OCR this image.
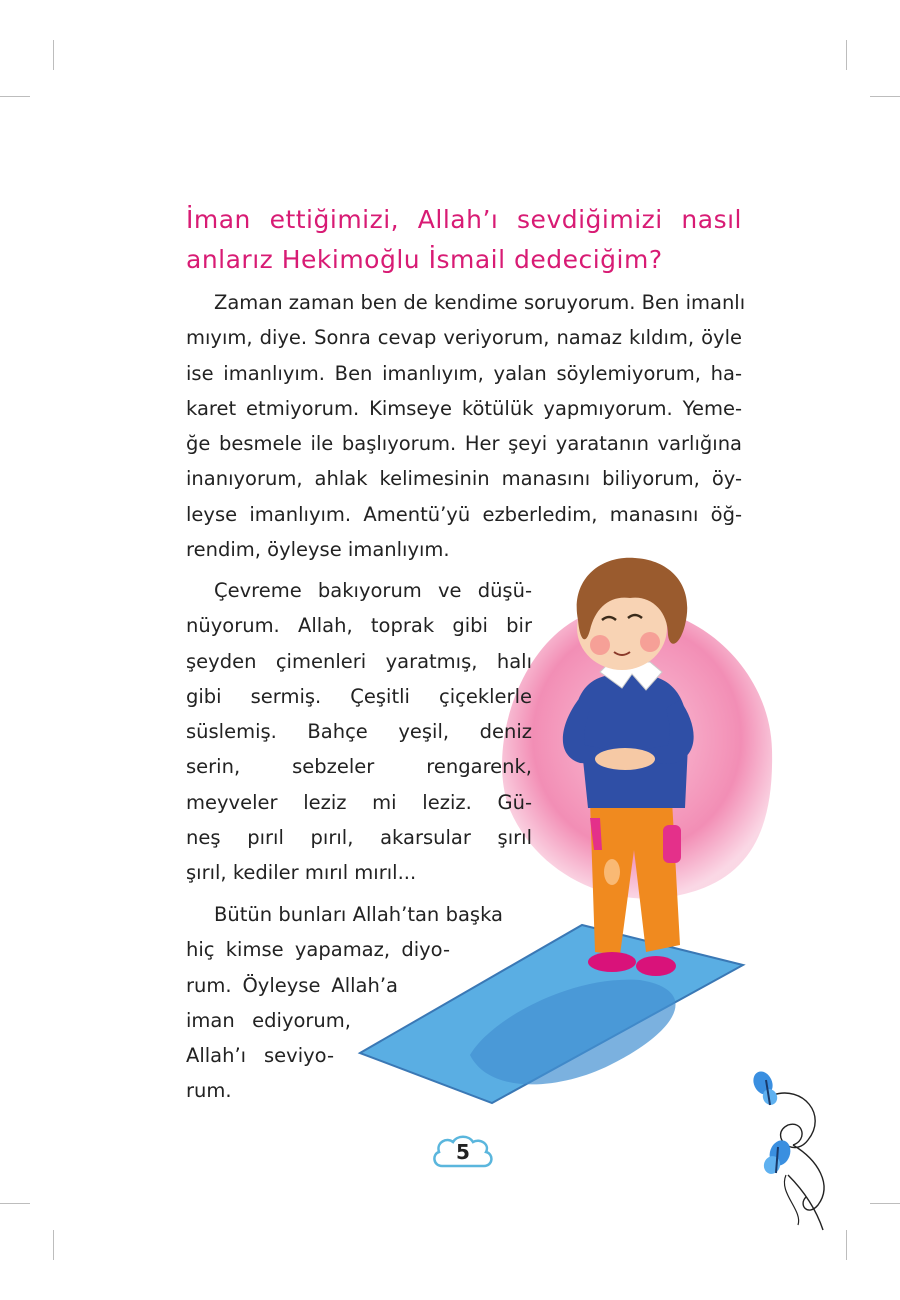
İman ettiğimizi, Allah’ı sevdiğimizi nasıl
anlarız Hekimoğlu İsmail dedeciğim?
Zaman zaman ben de kendime soruyorum. Ben imanlı
mıyım, diye. Sonra cevap veriyorum, namaz kıldım, öyle
ise imanlıyım. Ben imanlıyım, yalan söylemiyorum, ha-
karet etmiyorum. Kimseye kötülük yapmıyorum. Yeme-
ğe besmele ile başlıyorum. Her şeyi yaratanın varlığına
inanıyorum, ahlak kelimesinin manasını biliyorum, öy-
leyse imanlıyım. Amentü’yü ezberledim, manasını öğ-
rendim, öyleyse imanlıyım.
Çevreme bakıyorum ve düşü-
nüyorum. Allah, toprak gibi bir
şeyden çimenleri yaratmış, halı
gibi sermiş. Çeşitli çiçeklerle
süslemiş. Bahçe yeşil, deniz
serin, sebzeler rengarenk,
meyveler leziz mi leziz. Gü-
neş pırıl pırıl, akarsular şırıl
şırıl, kediler mırıl mırıl...
Bütün bunları Allah’tan başka
hiç kimse yapamaz, diyo-
rum. Öyleyse Allah’a
iman ediyorum,
Allah’ı seviyo-
rum.
5
